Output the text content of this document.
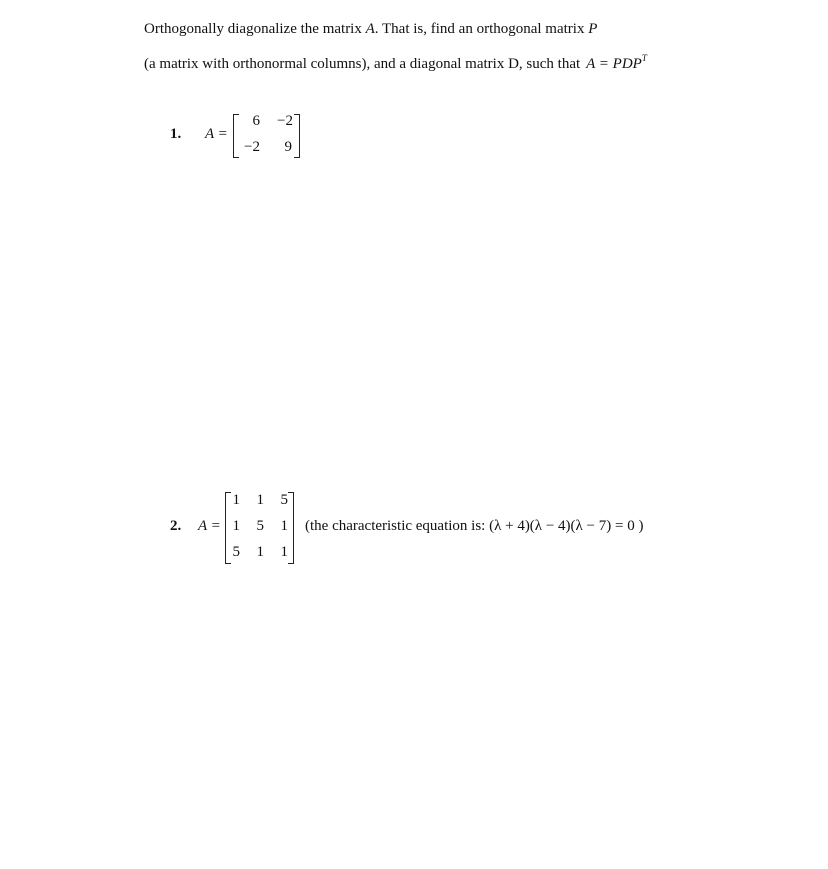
Orthogonally diagonalize the matrix A. That is, find an orthogonal matrix P
(a matrix with orthonormal columns), and a diagonal matrix D, such that $A = PDP^T$
1. A =
6	−2
−2	9
2. A =
1	1	5
1	5	1
5	1	1
(the characteristic equation is: (λ + 4)(λ − 4)(λ − 7) = 0 )
